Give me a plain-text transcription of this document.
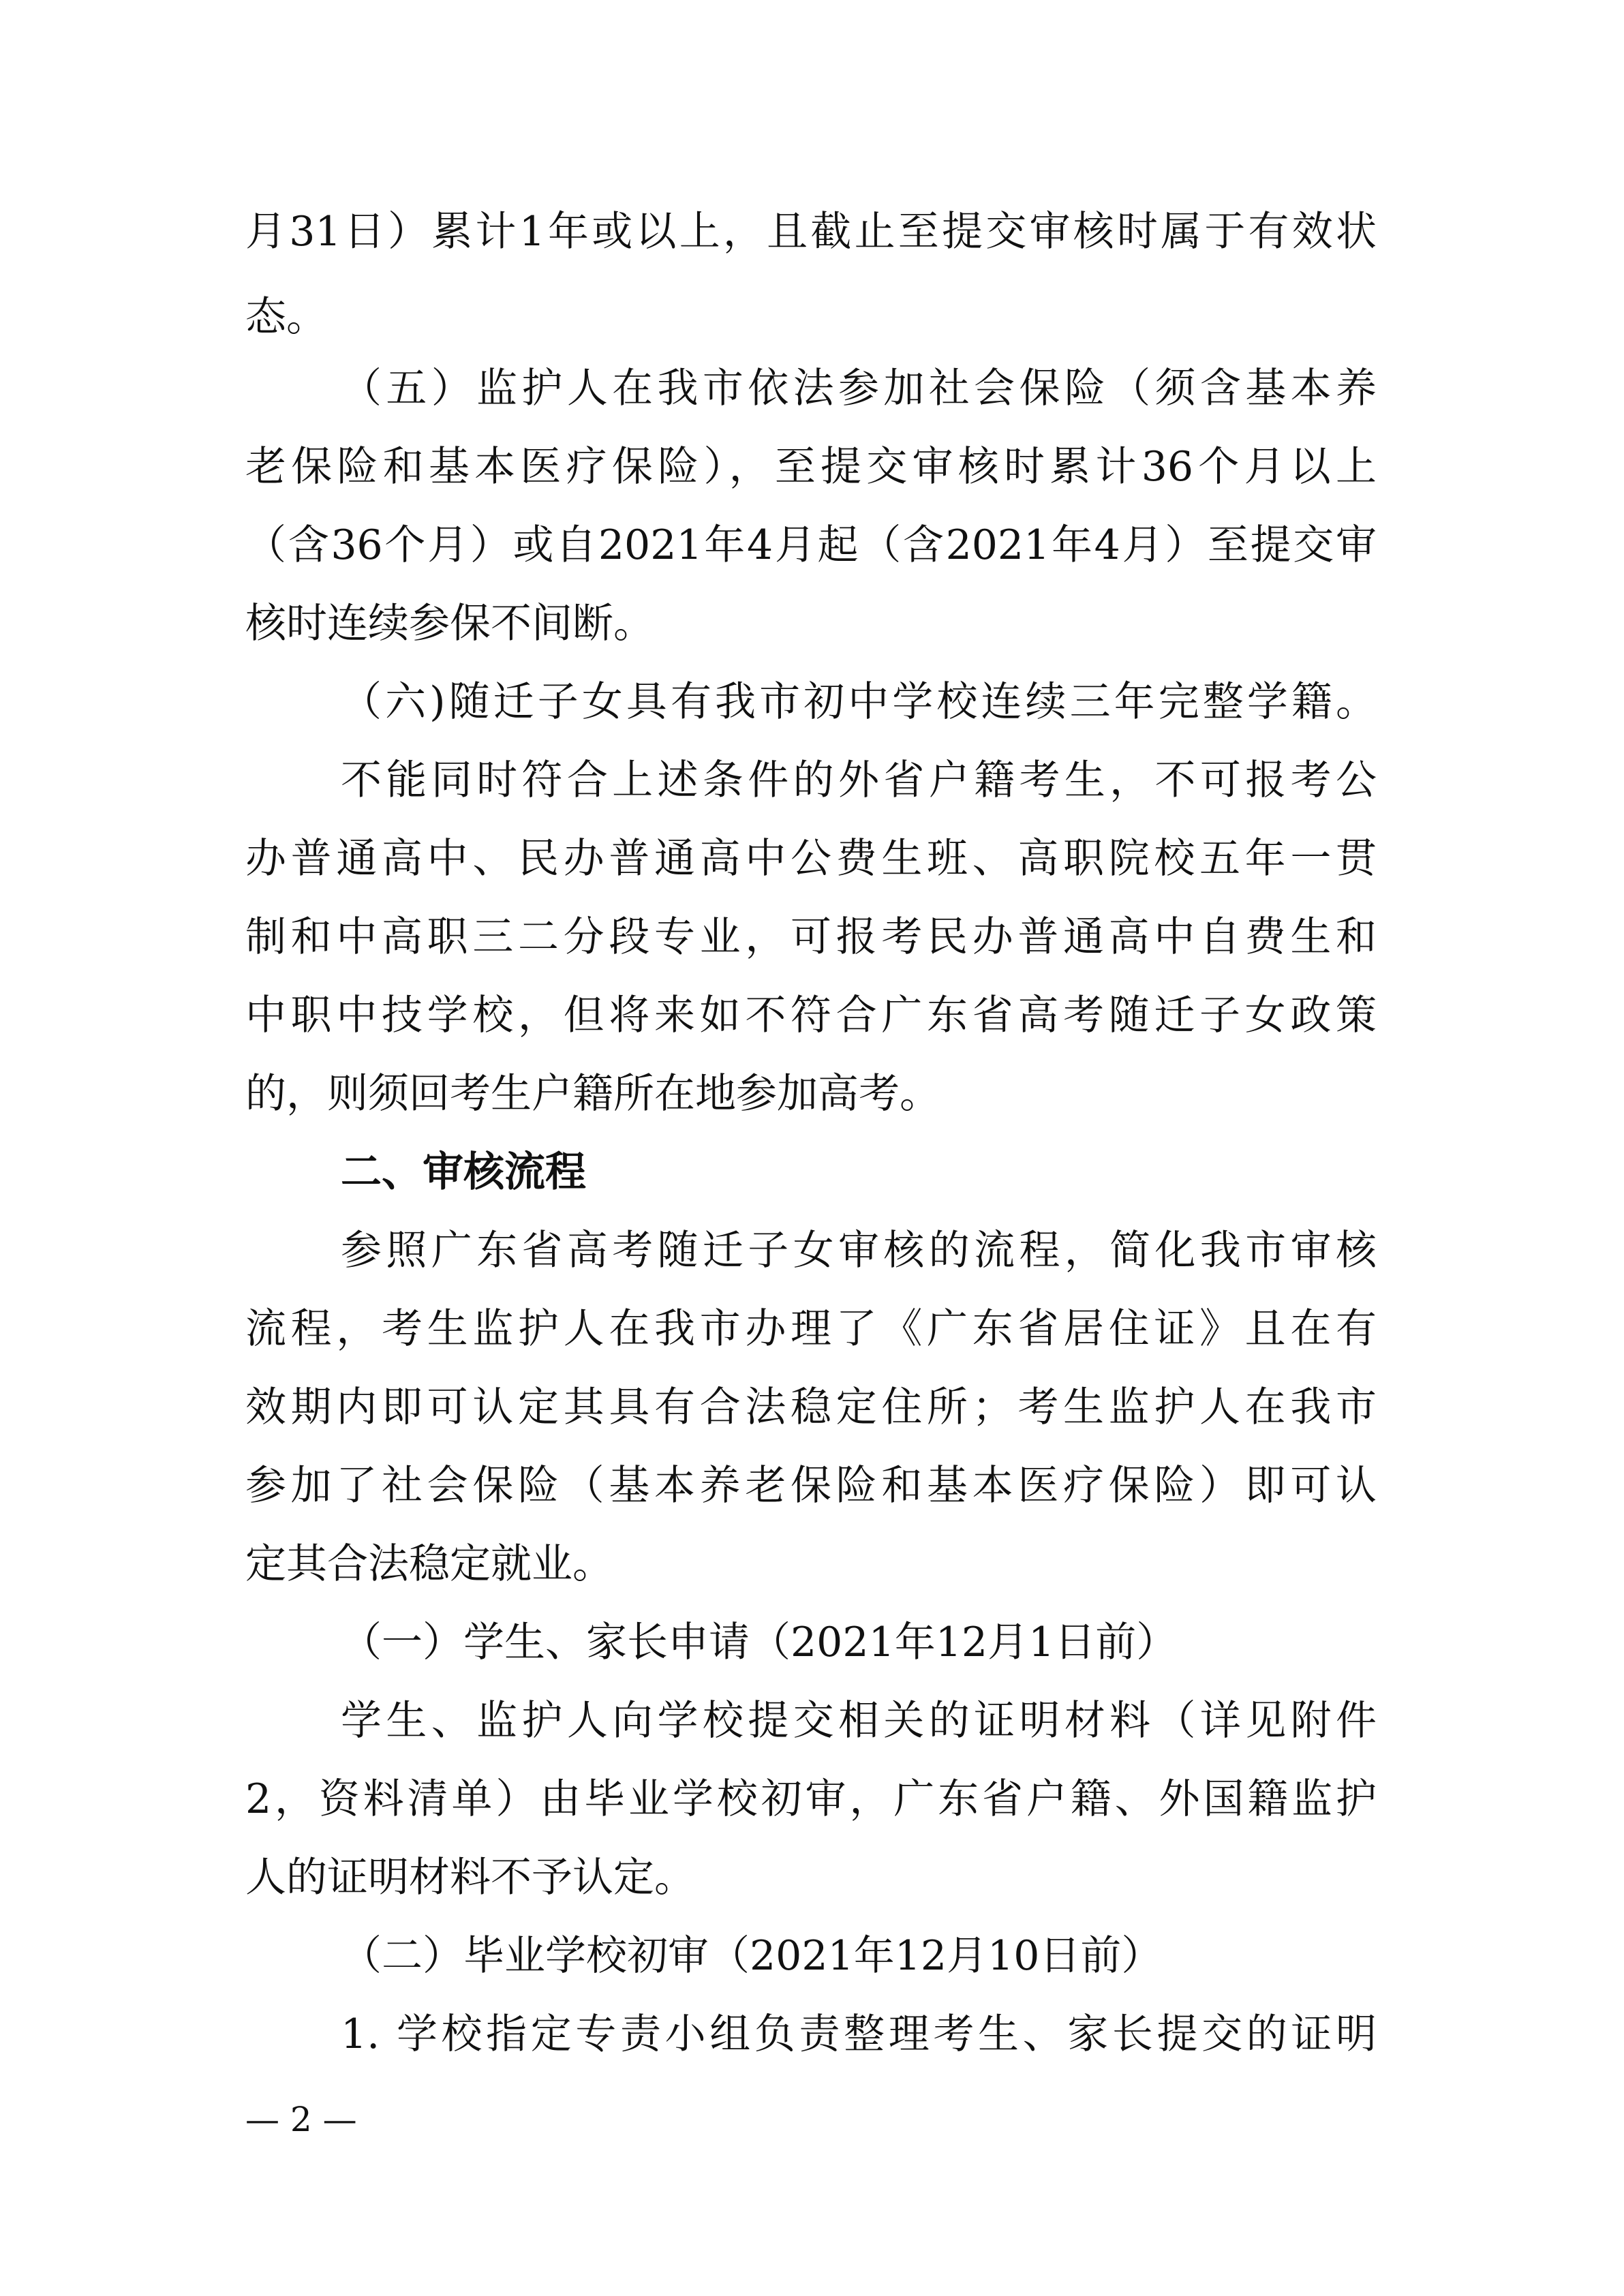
月31日）累计1年或以上，且截止至提交审核时属于有效状
态。
（五）监护人在我市依法参加社会保险（须含基本养
老保险和基本医疗保险），至提交审核时累计36个月以上
（含36个月）或自2021年4月起（含2021年4月）至提交审
核时连续参保不间断。
（六)随迁子女具有我市初中学校连续三年完整学籍。
不能同时符合上述条件的外省户籍考生，不可报考公
办普通高中、民办普通高中公费生班、高职院校五年一贯
制和中高职三二分段专业，可报考民办普通高中自费生和
中职中技学校，但将来如不符合广东省高考随迁子女政策
的，则须回考生户籍所在地参加高考。
二、审核流程
参照广东省高考随迁子女审核的流程，简化我市审核
流程，考生监护人在我市办理了《广东省居住证》且在有
效期内即可认定其具有合法稳定住所；考生监护人在我市
参加了社会保险（基本养老保险和基本医疗保险）即可认
定其合法稳定就业。
（一）学生、家长申请（2021年12月1日前）
学生、监护人向学校提交相关的证明材料（详见附件
2，资料清单）由毕业学校初审，广东省户籍、外国籍监护
人的证明材料不予认定。
（二）毕业学校初审（2021年12月10日前）
1. 学校指定专责小组负责整理考生、家长提交的证明
— 2 —
